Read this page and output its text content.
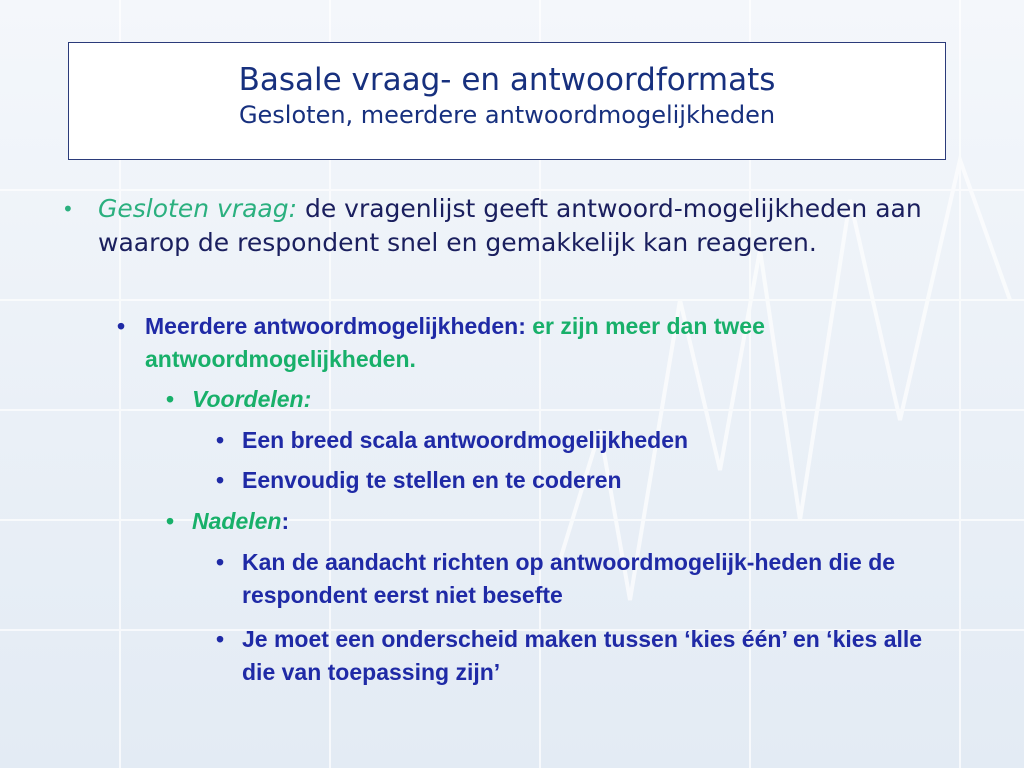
Basale vraag- en antwoordformats
Gesloten, meerdere antwoordmogelijkheden
• Gesloten vraag: de vragenlijst geeft antwoord-mogelijkheden aan waarop de respondent snel en gemakkelijk kan reageren.
• Meerdere antwoordmogelijkheden: er zijn meer dan twee antwoordmogelijkheden.
• Voordelen:
• Een breed scala antwoordmogelijkheden
• Eenvoudig te stellen en te coderen
• Nadelen:
• Kan de aandacht richten op antwoordmogelijk-heden die de respondent eerst niet besefte
• Je moet een onderscheid maken tussen ‘kies één’ en ‘kies alle die van toepassing zijn’
